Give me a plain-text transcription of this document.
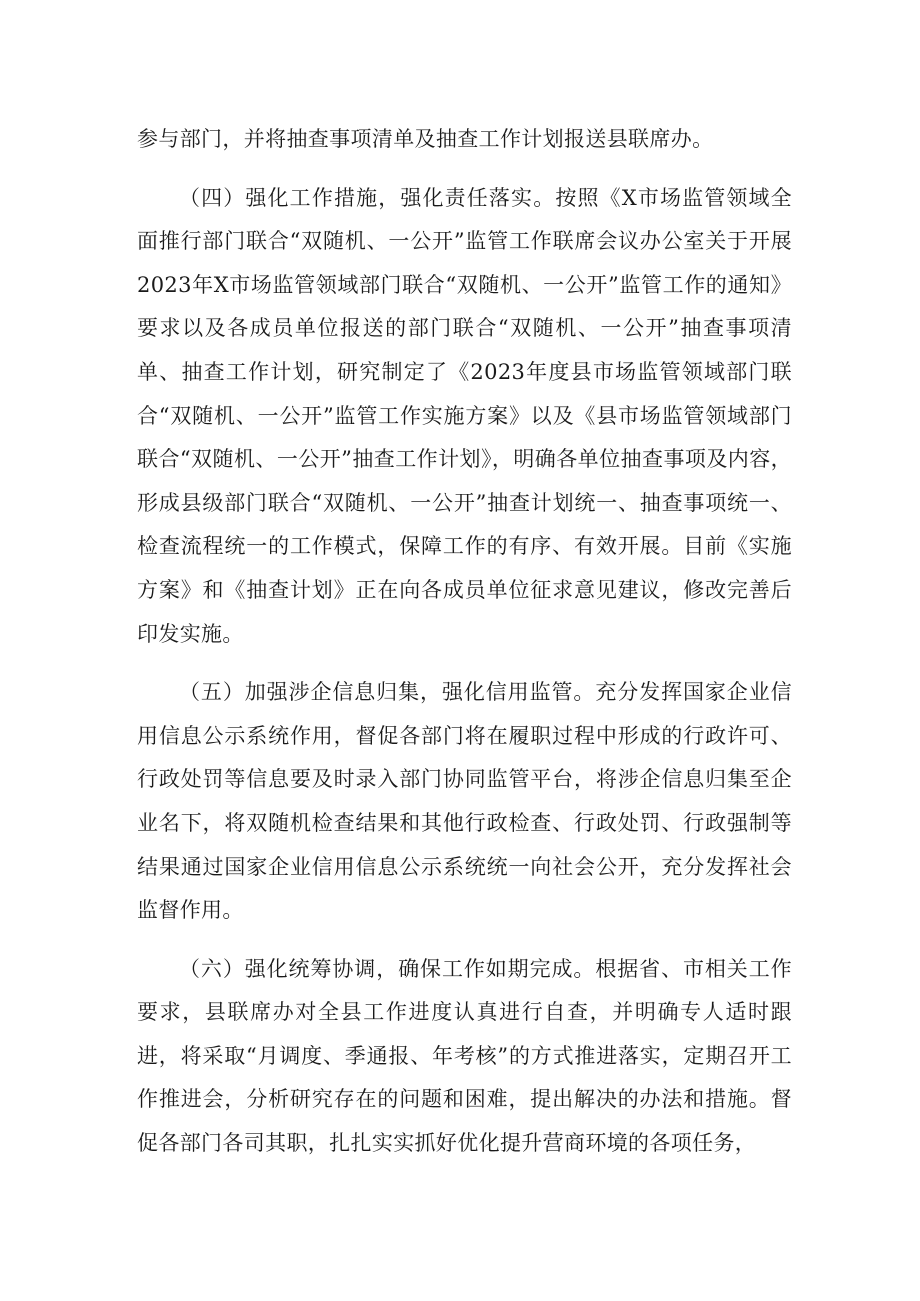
参与部门，并将抽查事项清单及抽查工作计划报送县联席办。

（四）强化工作措施，强化责任落实。按照《X市场监管领域全面推行部门联合“双随机、一公开”监管工作联席会议办公室关于开展2023年X市场监管领域部门联合“双随机、一公开”监管工作的通知》要求以及各成员单位报送的部门联合“双随机、一公开”抽查事项清单、抽查工作计划，研究制定了《2023年度县市场监管领域部门联合“双随机、一公开”监管工作实施方案》以及《县市场监管领域部门联合“双随机、一公开”抽查工作计划》，明确各单位抽查事项及内容，形成县级部门联合“双随机、一公开”抽查计划统一、抽查事项统一、检查流程统一的工作模式，保障工作的有序、有效开展。目前《实施方案》和《抽查计划》正在向各成员单位征求意见建议，修改完善后印发实施。

（五）加强涉企信息归集，强化信用监管。充分发挥国家企业信用信息公示系统作用，督促各部门将在履职过程中形成的行政许可、行政处罚等信息要及时录入部门协同监管平台，将涉企信息归集至企业名下，将双随机检查结果和其他行政检查、行政处罚、行政强制等结果通过国家企业信用信息公示系统统一向社会公开，充分发挥社会监督作用。

（六）强化统筹协调，确保工作如期完成。根据省、市相关工作要求，县联席办对全县工作进度认真进行自查，并明确专人适时跟进，将采取“月调度、季通报、年考核”的方式推进落实，定期召开工作推进会，分析研究存在的问题和困难，提出解决的办法和措施。督促各部门各司其职，扎扎实实抓好优化提升营商环境的各项任务，
